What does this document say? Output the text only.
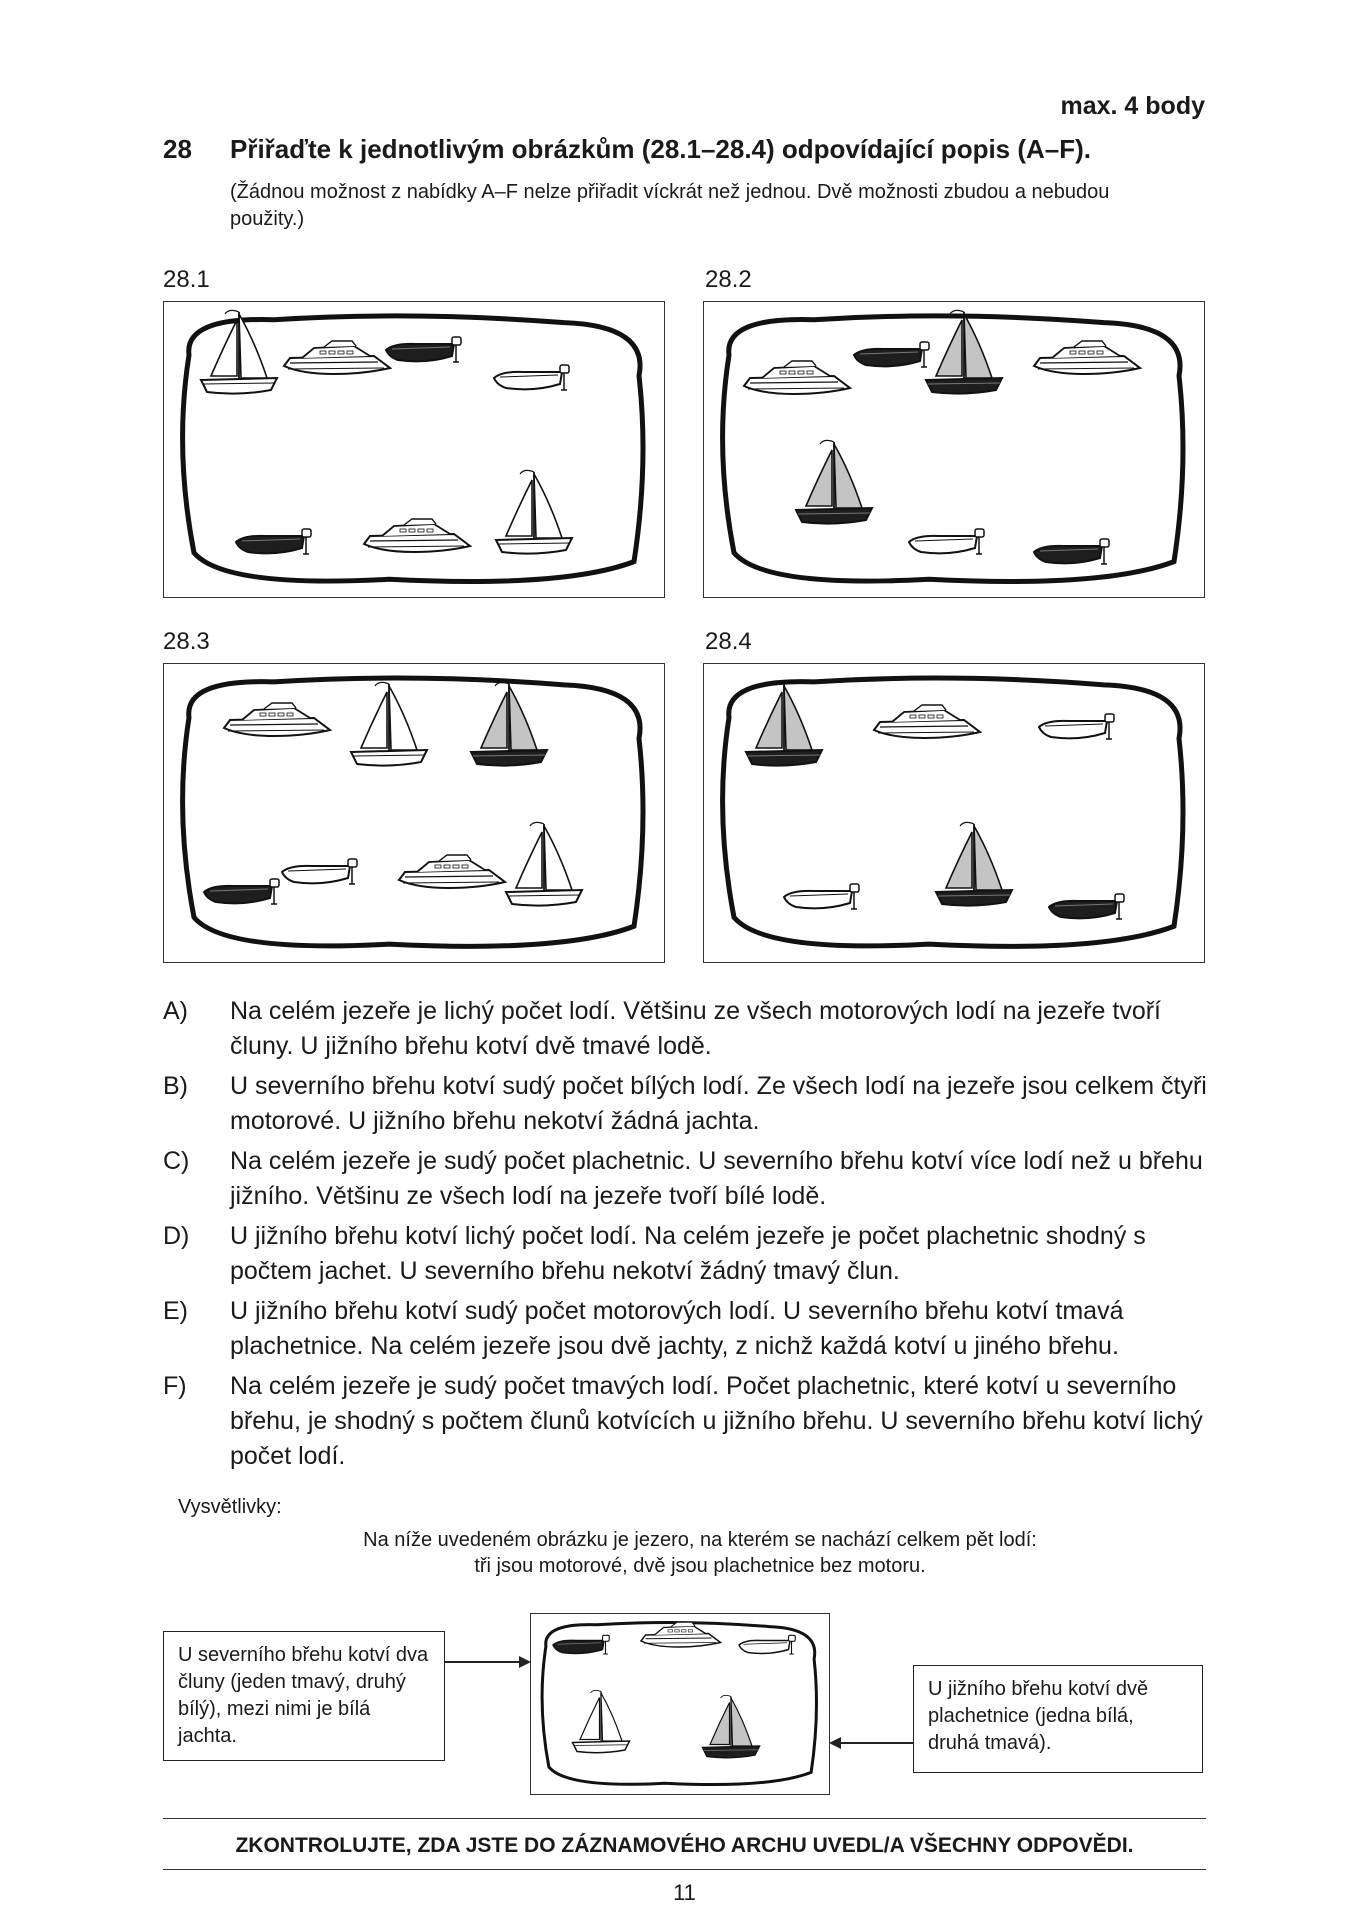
max. 4 body
28 Přiřaďte k jednotlivým obrázkům (28.1–28.4) odpovídající popis (A–F).
(Žádnou možnost z nabídky A–F nelze přiřadit víckrát než jednou. Dvě možnosti zbudou a nebudou
použity.)
28.1	28.2
28.3	28.4
A)	Na celém jezeře je lichý počet lodí. Většinu ze všech motorových lodí na jezeře tvoří čluny. U jižního břehu kotví dvě tmavé lodě.
B)	U severního břehu kotví sudý počet bílých lodí. Ze všech lodí na jezeře jsou celkem čtyři motorové. U jižního břehu nekotví žádná jachta.
C)	Na celém jezeře je sudý počet plachetnic. U severního břehu kotví více lodí než u břehu jižního. Většinu ze všech lodí na jezeře tvoří bílé lodě.
D)	U jižního břehu kotví lichý počet lodí. Na celém jezeře je počet plachetnic shodný s počtem jachet. U severního břehu nekotví žádný tmavý člun.
E)	U jižního břehu kotví sudý počet motorových lodí. U severního břehu kotví tmavá plachetnice. Na celém jezeře jsou dvě jachty, z nichž každá kotví u jiného břehu.
F)	Na celém jezeře je sudý počet tmavých lodí. Počet plachetnic, které kotví u severního břehu, je shodný s počtem člunů kotvících u jižního břehu. U severního břehu kotví lichý počet lodí.
Vysvětlivky:
Na níže uvedeném obrázku je jezero, na kterém se nachází celkem pět lodí:
tři jsou motorové, dvě jsou plachetnice bez motoru.
U severního břehu kotví dva čluny (jeden tmavý, druhý bílý), mezi nimi je bílá jachta.
U jižního břehu kotví dvě plachetnice (jedna bílá, druhá tmavá).
ZKONTROLUJTE, ZDA JSTE DO ZÁZNAMOVÉHO ARCHU UVEDL/A VŠECHNY ODPOVĚDI.
11
